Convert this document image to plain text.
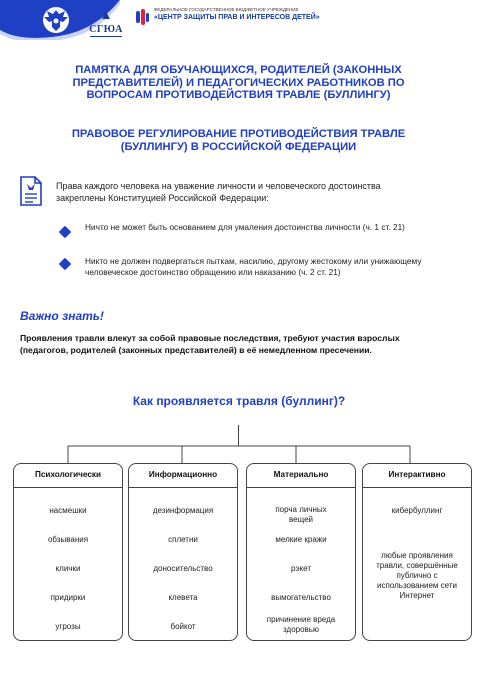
СГЮА
ФЕДЕРАЛЬНОЕ ГОСУДАРСТВЕННОЕ БЮДЖЕТНОЕ УЧРЕЖДЕНИЕ
«ЦЕНТР ЗАЩИТЫ ПРАВ И ИНТЕРЕСОВ ДЕТЕЙ»
ПАМЯТКА ДЛЯ ОБУЧАЮЩИХСЯ, РОДИТЕЛЕЙ (ЗАКОННЫХ ПРЕДСТАВИТЕЛЕЙ) И ПЕДАГОГИЧЕСКИХ РАБОТНИКОВ ПО ВОПРОСАМ ПРОТИВОДЕЙСТВИЯ ТРАВЛЕ (БУЛЛИНГУ)
ПРАВОВОЕ РЕГУЛИРОВАНИЕ ПРОТИВОДЕЙСТВИЯ ТРАВЛЕ (БУЛЛИНГУ) В РОССИЙСКОЙ ФЕДЕРАЦИИ
Права каждого человека на уважение личности и человеческого достоинства закреплены Конституцией Российской Федерации:
Ничто не может быть основанием для умаления достоинства личности (ч. 1 ст. 21)
Никто не должен подвергаться пыткам, насилию, другому жестокому или унижающему человеческое достоинство обращению или наказанию (ч. 2 ст. 21)
Важно знать!
Проявления травли влекут за собой правовые последствия, требуют участия взрослых (педагогов, родителей (законных представителей) в её немедленном пресечении.
Как проявляется травля (буллинг)?
Психологически
насмешки
обзывания
клички
придирки
угрозы
Информационно
дезинформация
сплетни
доносительство
клевета
бойкот
Материально
порча личных вещей
мелкие кражи
рэкет
вымогательство
причинение вреда здоровью
Интерактивно
кибербуллинг
любые проявления травли, совершённые публично с использованием сети Интернет
